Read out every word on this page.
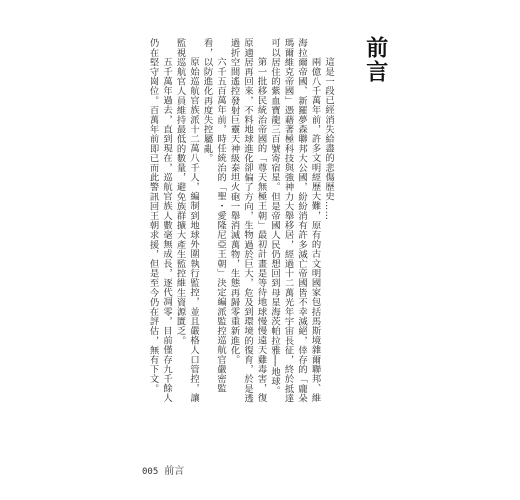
前言

這是一段已經消失給盡的悲傷歷史……

兩億八千萬年前，許多文明經歷大難，原有的古文明國家包括馬斯境雜爾聯邦、維海拉爾帝國、新羅夢森聯邦大公國，紛紛消有許多滅亡帝國皆不幸滅絕，倖存的「龐朵瑪爾維克帝國」憑藉著極科技與強神力大舉移居，經過十二萬光年宇宙長征，終於抵達可以居住的紫血寶龍三百號寄宿星。但是帝國人民仍想回到母星海茨帕拉雅──地球。

第一批移民統治帝國的「尊天無極王朝」最初計畫是等待地球慢慢遠天雞毒害，復原適居再回來，不料地球進化卻偏了方向，生物過於巨大，危及到環境的復育，於是透過折空間遙控發射巨靈天神級泰坦火砲一舉消滅萬物，生態再歸零重新進化。

六千五百萬年前，時任統治的「聖・愛隆尼亞王朝」決定編派監控巡航官嚴密監看，以防進化再度失控屬亂。

原始巡航官族派十二萬八千人，編制到地球外圍執行監控，並且嚴格人口管控，讓監視巡航官人員維持最低的數量，避免族群擴大產生監控維生資源匱乏。

五千萬年過去，直到現在，巡航官族人數毫無成長，逐代凋零，目前僅存九千餘人仍在堅守崗位。百萬年前即已而此警訊回王朝求援，但是至今仍在評估，無有下文。

005 前言
